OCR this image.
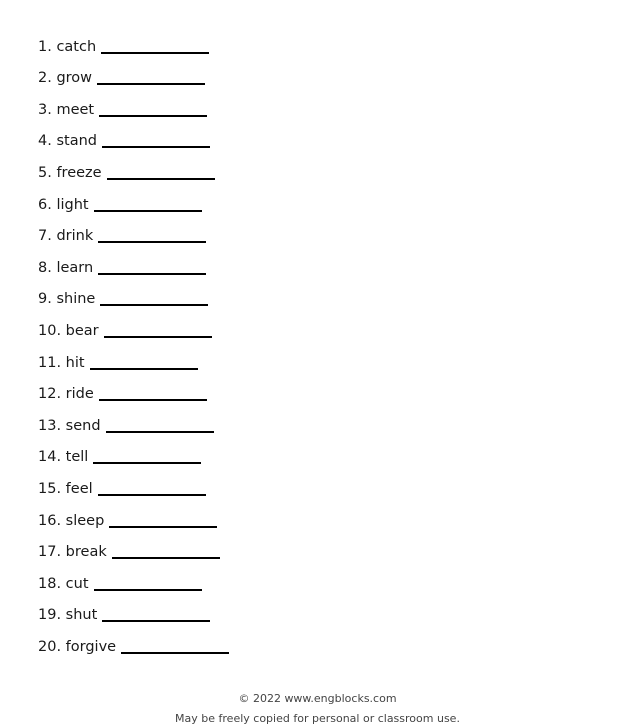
1.
catch
2.
grow
3.
meet
4.
stand
5.
freeze
6.
light
7.
drink
8.
learn
9.
shine
10.
bear
11.
hit
12.
ride
13.
send
14.
tell
15.
feel
16.
sleep
17.
break
18.
cut
19.
shut
20.
forgive
© 2022 www.engblocks.com
May be freely copied for personal or classroom use.
